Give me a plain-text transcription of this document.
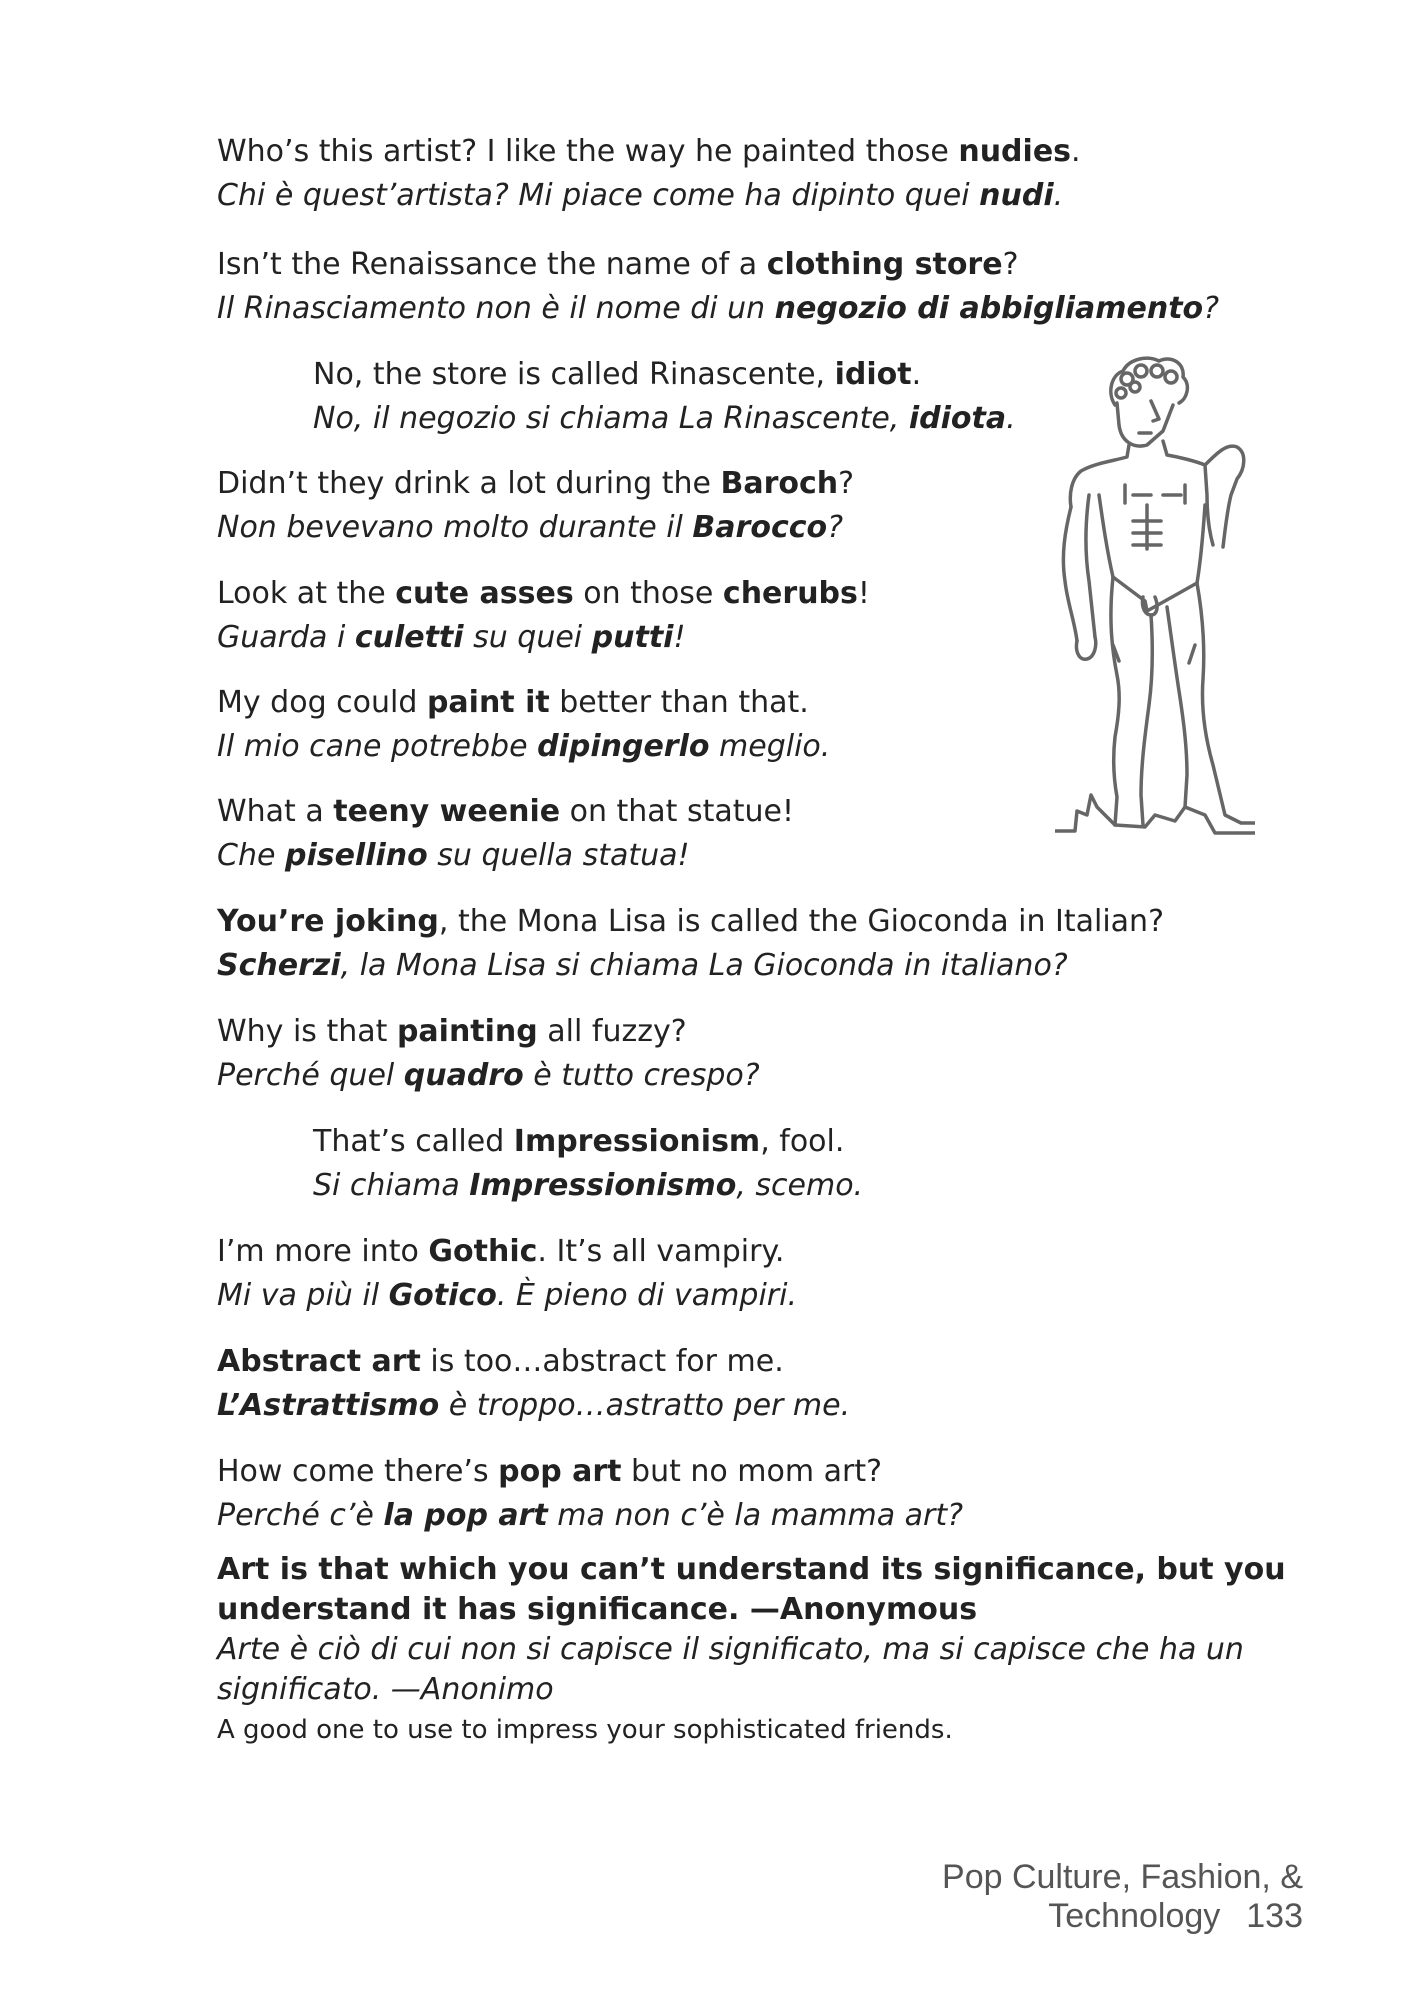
Who’s this artist? I like the way he painted those nudies.
Chi è quest’artista? Mi piace come ha dipinto quei nudi.
Isn’t the Renaissance the name of a clothing store?
Il Rinasciamento non è il nome di un negozio di abbigliamento?
No, the store is called Rinascente, idiot.
No, il negozio si chiama La Rinascente, idiota.
Didn’t they drink a lot during the Baroch?
Non bevevano molto durante il Barocco?
Look at the cute asses on those cherubs!
Guarda i culetti su quei putti!
My dog could paint it better than that.
Il mio cane potrebbe dipingerlo meglio.
What a teeny weenie on that statue!
Che pisellino su quella statua!
You’re joking, the Mona Lisa is called the Gioconda in Italian?
Scherzi, la Mona Lisa si chiama La Gioconda in italiano?
Why is that painting all fuzzy?
Perché quel quadro è tutto crespo?
That’s called Impressionism, fool.
Si chiama Impressionismo, scemo.
I’m more into Gothic. It’s all vampiry.
Mi va più il Gotico. È pieno di vampiri.
Abstract art is too…abstract for me.
L’Astrattismo è troppo…astratto per me.
How come there’s pop art but no mom art?
Perché c’è la pop art ma non c’è la mamma art?
Art is that which you can’t understand its significance, but you
understand it has significance. —Anonymous
Arte è ciò di cui non si capisce il significato, ma si capisce che ha un
significato. —Anonimo
A good one to use to impress your sophisticated friends.
Pop Culture, Fashion, & Technology 133
